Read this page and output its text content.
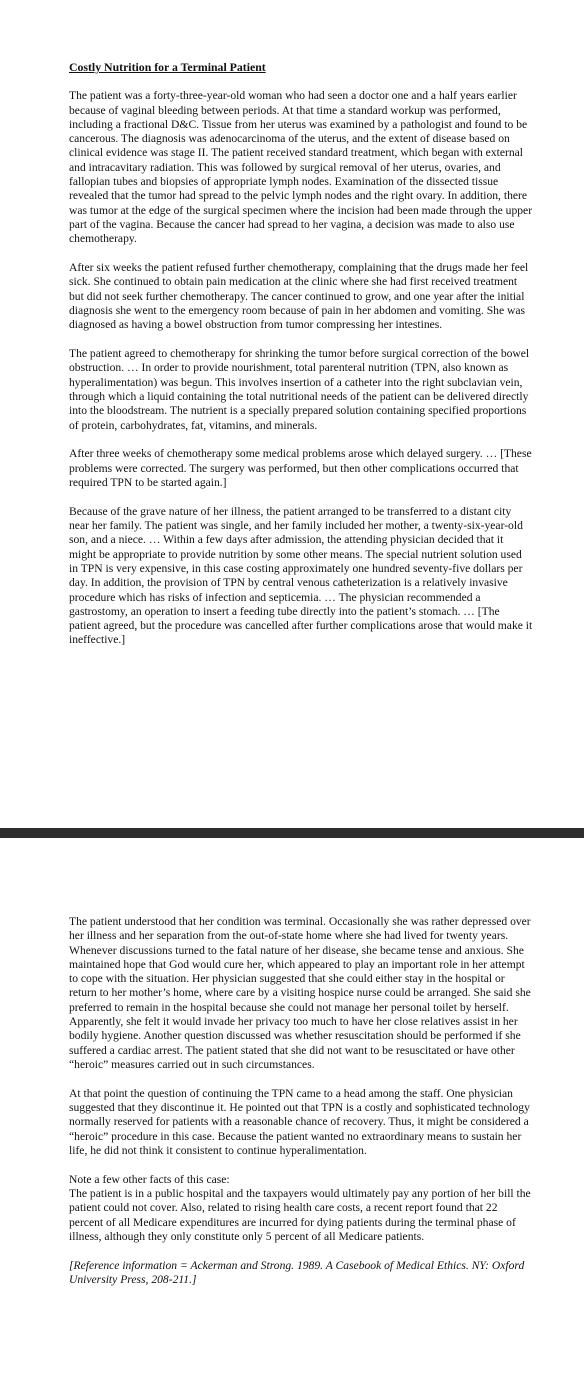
Costly Nutrition for a Terminal Patient

The patient was a forty-three-year-old woman who had seen a doctor one and a half years earlier because of vaginal bleeding between periods. At that time a standard workup was performed, including a fractional D&C. Tissue from her uterus was examined by a pathologist and found to be cancerous. The diagnosis was adenocarcinoma of the uterus, and the extent of disease based on clinical evidence was stage II. The patient received standard treatment, which began with external and intracavitary radiation. This was followed by surgical removal of her uterus, ovaries, and fallopian tubes and biopsies of appropriate lymph nodes. Examination of the dissected tissue revealed that the tumor had spread to the pelvic lymph nodes and the right ovary. In addition, there was tumor at the edge of the surgical specimen where the incision had been made through the upper part of the vagina. Because the cancer had spread to her vagina, a decision was made to also use chemotherapy.

After six weeks the patient refused further chemotherapy, complaining that the drugs made her feel sick. She continued to obtain pain medication at the clinic where she had first received treatment but did not seek further chemotherapy. The cancer continued to grow, and one year after the initial diagnosis she went to the emergency room because of pain in her abdomen and vomiting. She was diagnosed as having a bowel obstruction from tumor compressing her intestines.

The patient agreed to chemotherapy for shrinking the tumor before surgical correction of the bowel obstruction. … In order to provide nourishment, total parenteral nutrition (TPN, also known as hyperalimentation) was begun. This involves insertion of a catheter into the right subclavian vein, through which a liquid containing the total nutritional needs of the patient can be delivered directly into the bloodstream. The nutrient is a specially prepared solution containing specified proportions of protein, carbohydrates, fat, vitamins, and minerals.

After three weeks of chemotherapy some medical problems arose which delayed surgery. … [These problems were corrected. The surgery was performed, but then other complications occurred that required TPN to be started again.]

Because of the grave nature of her illness, the patient arranged to be transferred to a distant city near her family. The patient was single, and her family included her mother, a twenty-six-year-old son, and a niece. … Within a few days after admission, the attending physician decided that it might be appropriate to provide nutrition by some other means. The special nutrient solution used in TPN is very expensive, in this case costing approximately one hundred seventy-five dollars per day. In addition, the provision of TPN by central venous catheterization is a relatively invasive procedure which has risks of infection and septicemia. … The physician recommended a gastrostomy, an operation to insert a feeding tube directly into the patient’s stomach. … [The patient agreed, but the procedure was cancelled after further complications arose that would make it ineffective.]

The patient understood that her condition was terminal. Occasionally she was rather depressed over her illness and her separation from the out-of-state home where she had lived for twenty years. Whenever discussions turned to the fatal nature of her disease, she became tense and anxious. She maintained hope that God would cure her, which appeared to play an important role in her attempt to cope with the situation. Her physician suggested that she could either stay in the hospital or return to her mother’s home, where care by a visiting hospice nurse could be arranged. She said she preferred to remain in the hospital because she could not manage her personal toilet by herself. Apparently, she felt it would invade her privacy too much to have her close relatives assist in her bodily hygiene. Another question discussed was whether resuscitation should be performed if she suffered a cardiac arrest. The patient stated that she did not want to be resuscitated or have other “heroic” measures carried out in such circumstances.

At that point the question of continuing the TPN came to a head among the staff. One physician suggested that they discontinue it. He pointed out that TPN is a costly and sophisticated technology normally reserved for patients with a reasonable chance of recovery. Thus, it might be considered a “heroic” procedure in this case. Because the patient wanted no extraordinary means to sustain her life, he did not think it consistent to continue hyperalimentation.

Note a few other facts of this case:

The patient is in a public hospital and the taxpayers would ultimately pay any portion of her bill the patient could not cover. Also, related to rising health care costs, a recent report found that 22 percent of all Medicare expenditures are incurred for dying patients during the terminal phase of illness, although they only constitute only 5 percent of all Medicare patients.

[Reference information = Ackerman and Strong. 1989. A Casebook of Medical Ethics. NY: Oxford University Press, 208-211.]
